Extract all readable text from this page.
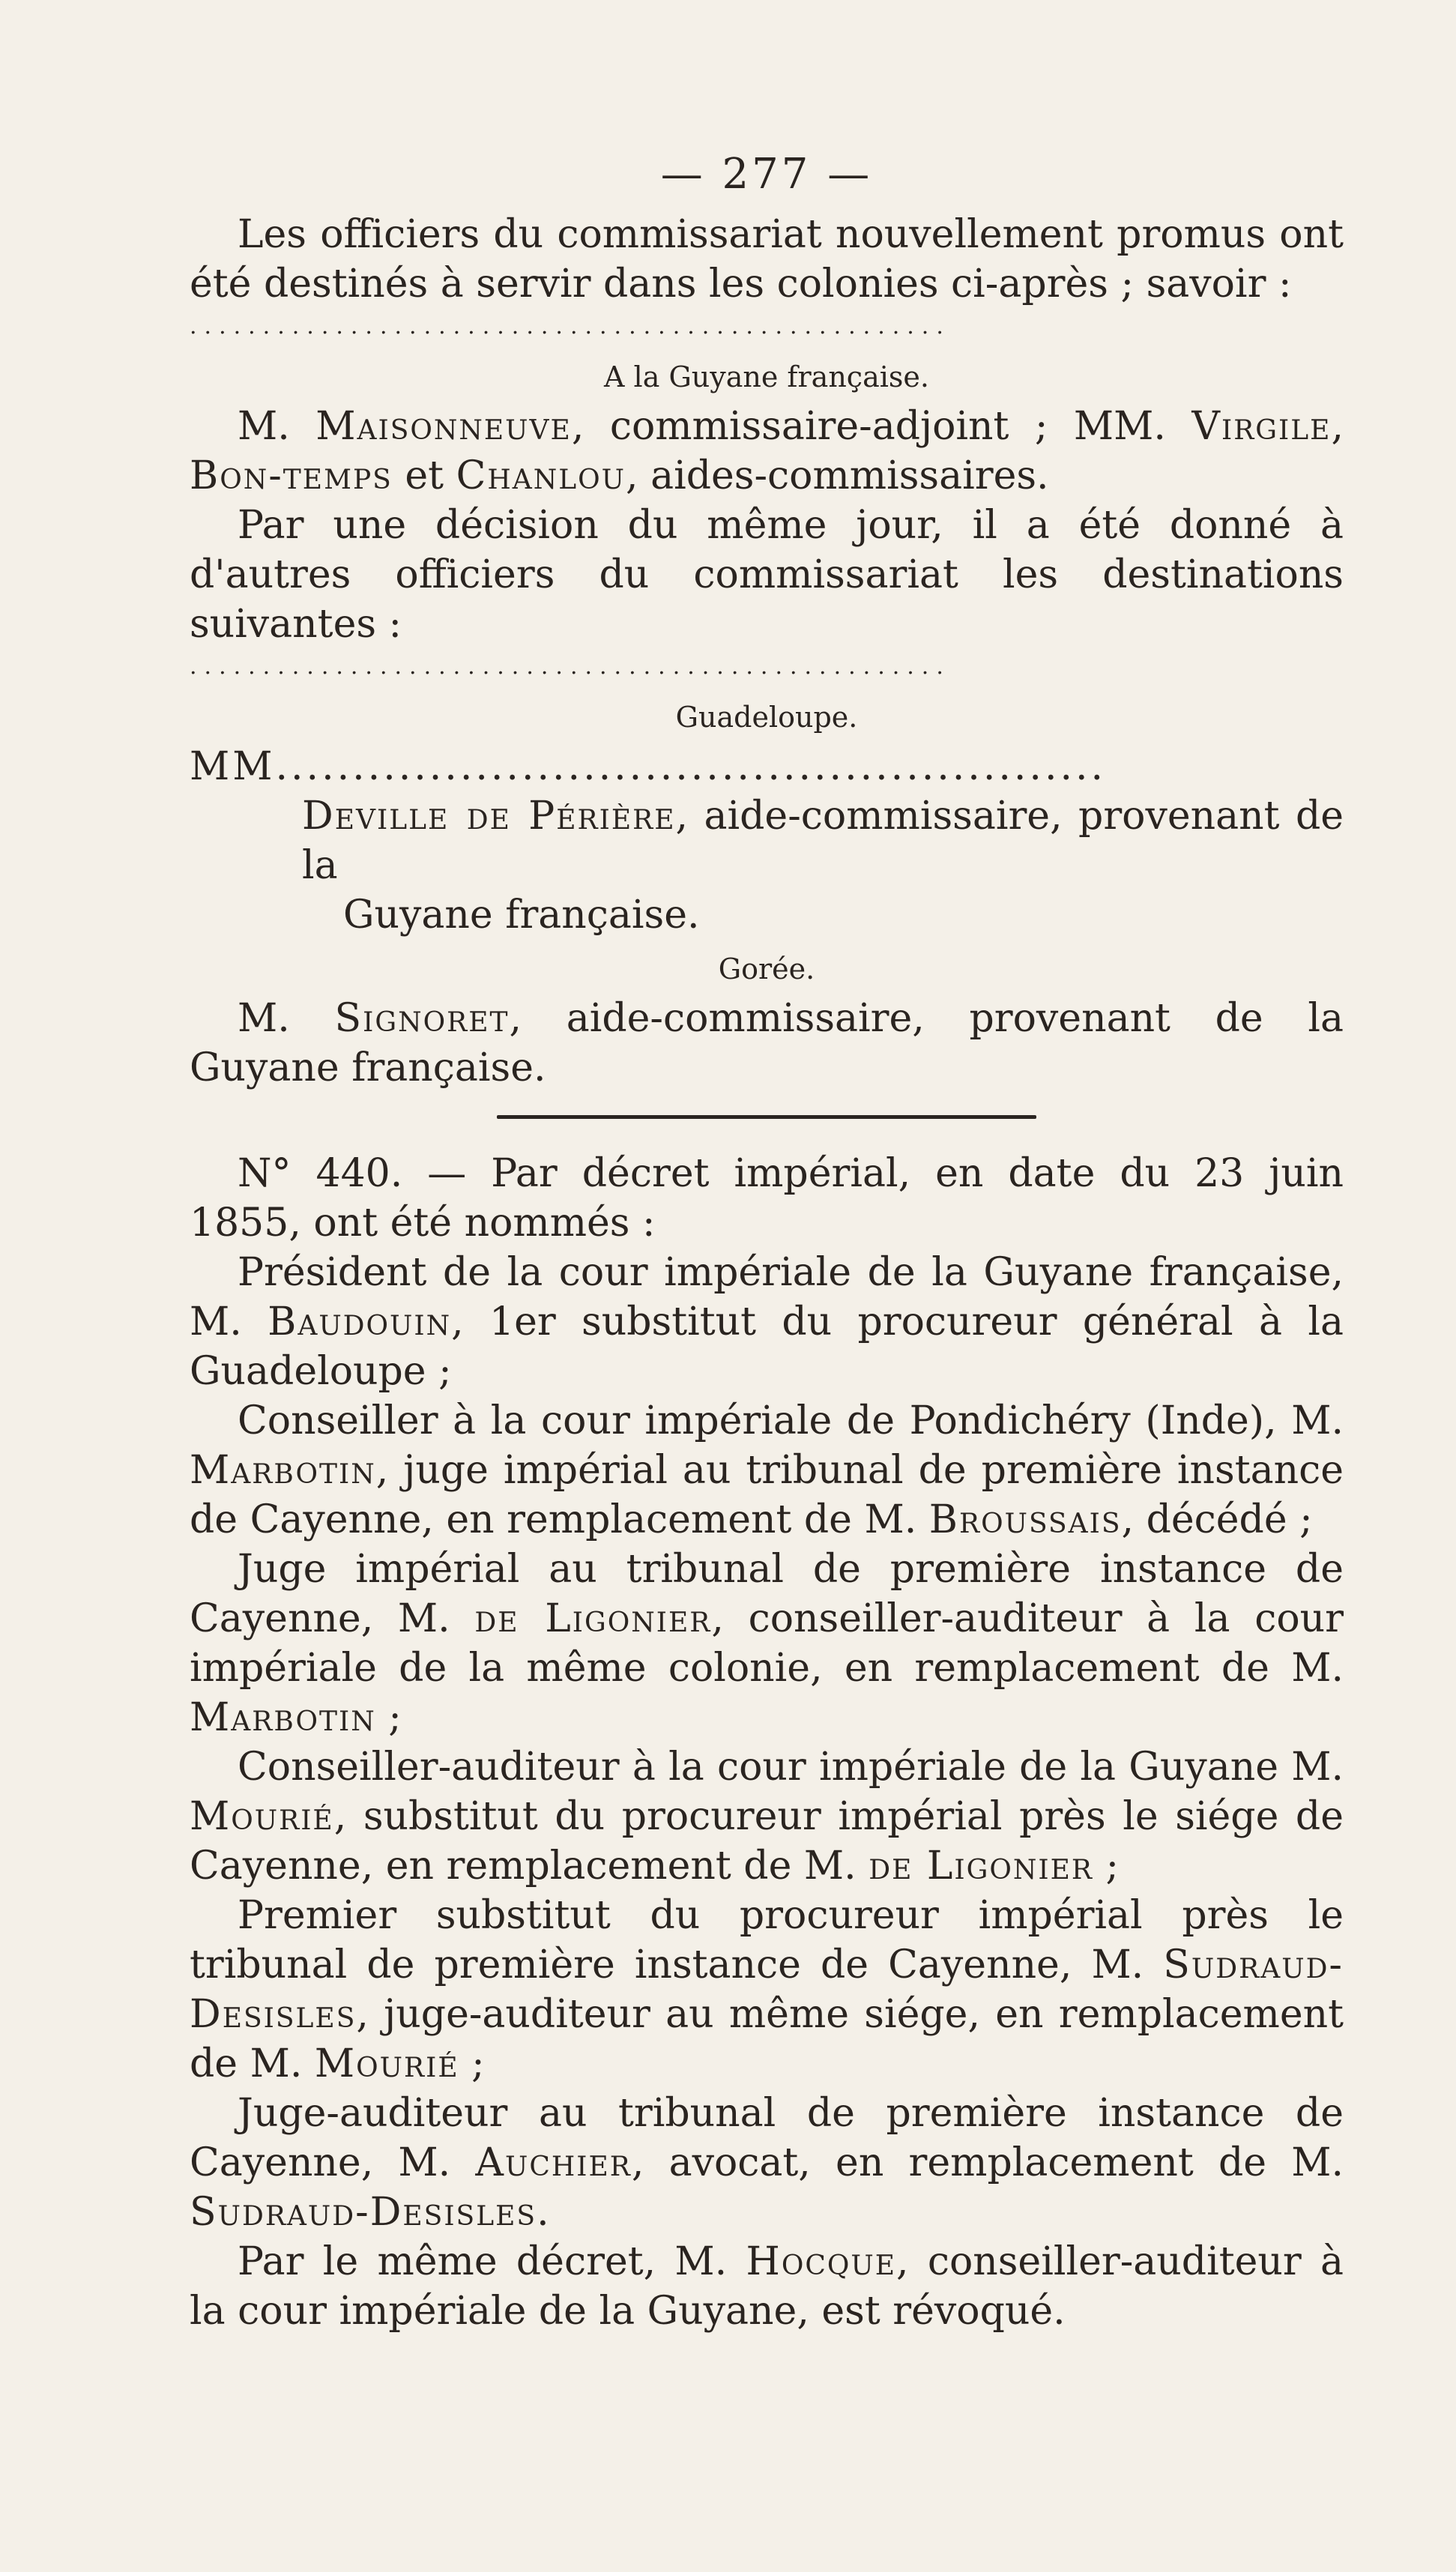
— 277 —

Les officiers du commissariat nouvellement promus ont été destinés à servir dans les colonies ci-après ; savoir :

....................................................
A la Guyane française.

M. Maisonneuve, commissaire-adjoint ; MM. Virgile, Bon-temps et Chanlou, aides-commissaires.

Par une décision du même jour, il a été donné à d'autres officiers du commissariat les destinations suivantes :

....................................................
Guadeloupe.
MM......................................................

Deville de Périère, aide-commissaire, provenant de la

Guyane française.

Gorée.

M. Signoret, aide-commissaire, provenant de la Guyane française.

N° 440. — Par décret impérial, en date du 23 juin 1855, ont été nommés :

Président de la cour impériale de la Guyane française, M. Baudouin, 1er substitut du procureur général à la Guadeloupe ;

Conseiller à la cour impériale de Pondichéry (Inde), M. Marbotin, juge impérial au tribunal de première instance de Cayenne, en remplacement de M. Broussais, décédé ;

Juge impérial au tribunal de première instance de Cayenne, M. de Ligonier, conseiller-auditeur à la cour impériale de la même colonie, en remplacement de M. Marbotin ;

Conseiller-auditeur à la cour impériale de la Guyane M. Mourié, substitut du procureur impérial près le siége de Cayenne, en remplacement de M. de Ligonier ;

Premier substitut du procureur impérial près le tribunal de première instance de Cayenne, M. Sudraud-Desisles, juge-auditeur au même siége, en remplacement de M. Mourié ;

Juge-auditeur au tribunal de première instance de Cayenne, M. Auchier, avocat, en remplacement de M. Sudraud-Desisles.

Par le même décret, M. Hocque, conseiller-auditeur à la cour impériale de la Guyane, est révoqué.
